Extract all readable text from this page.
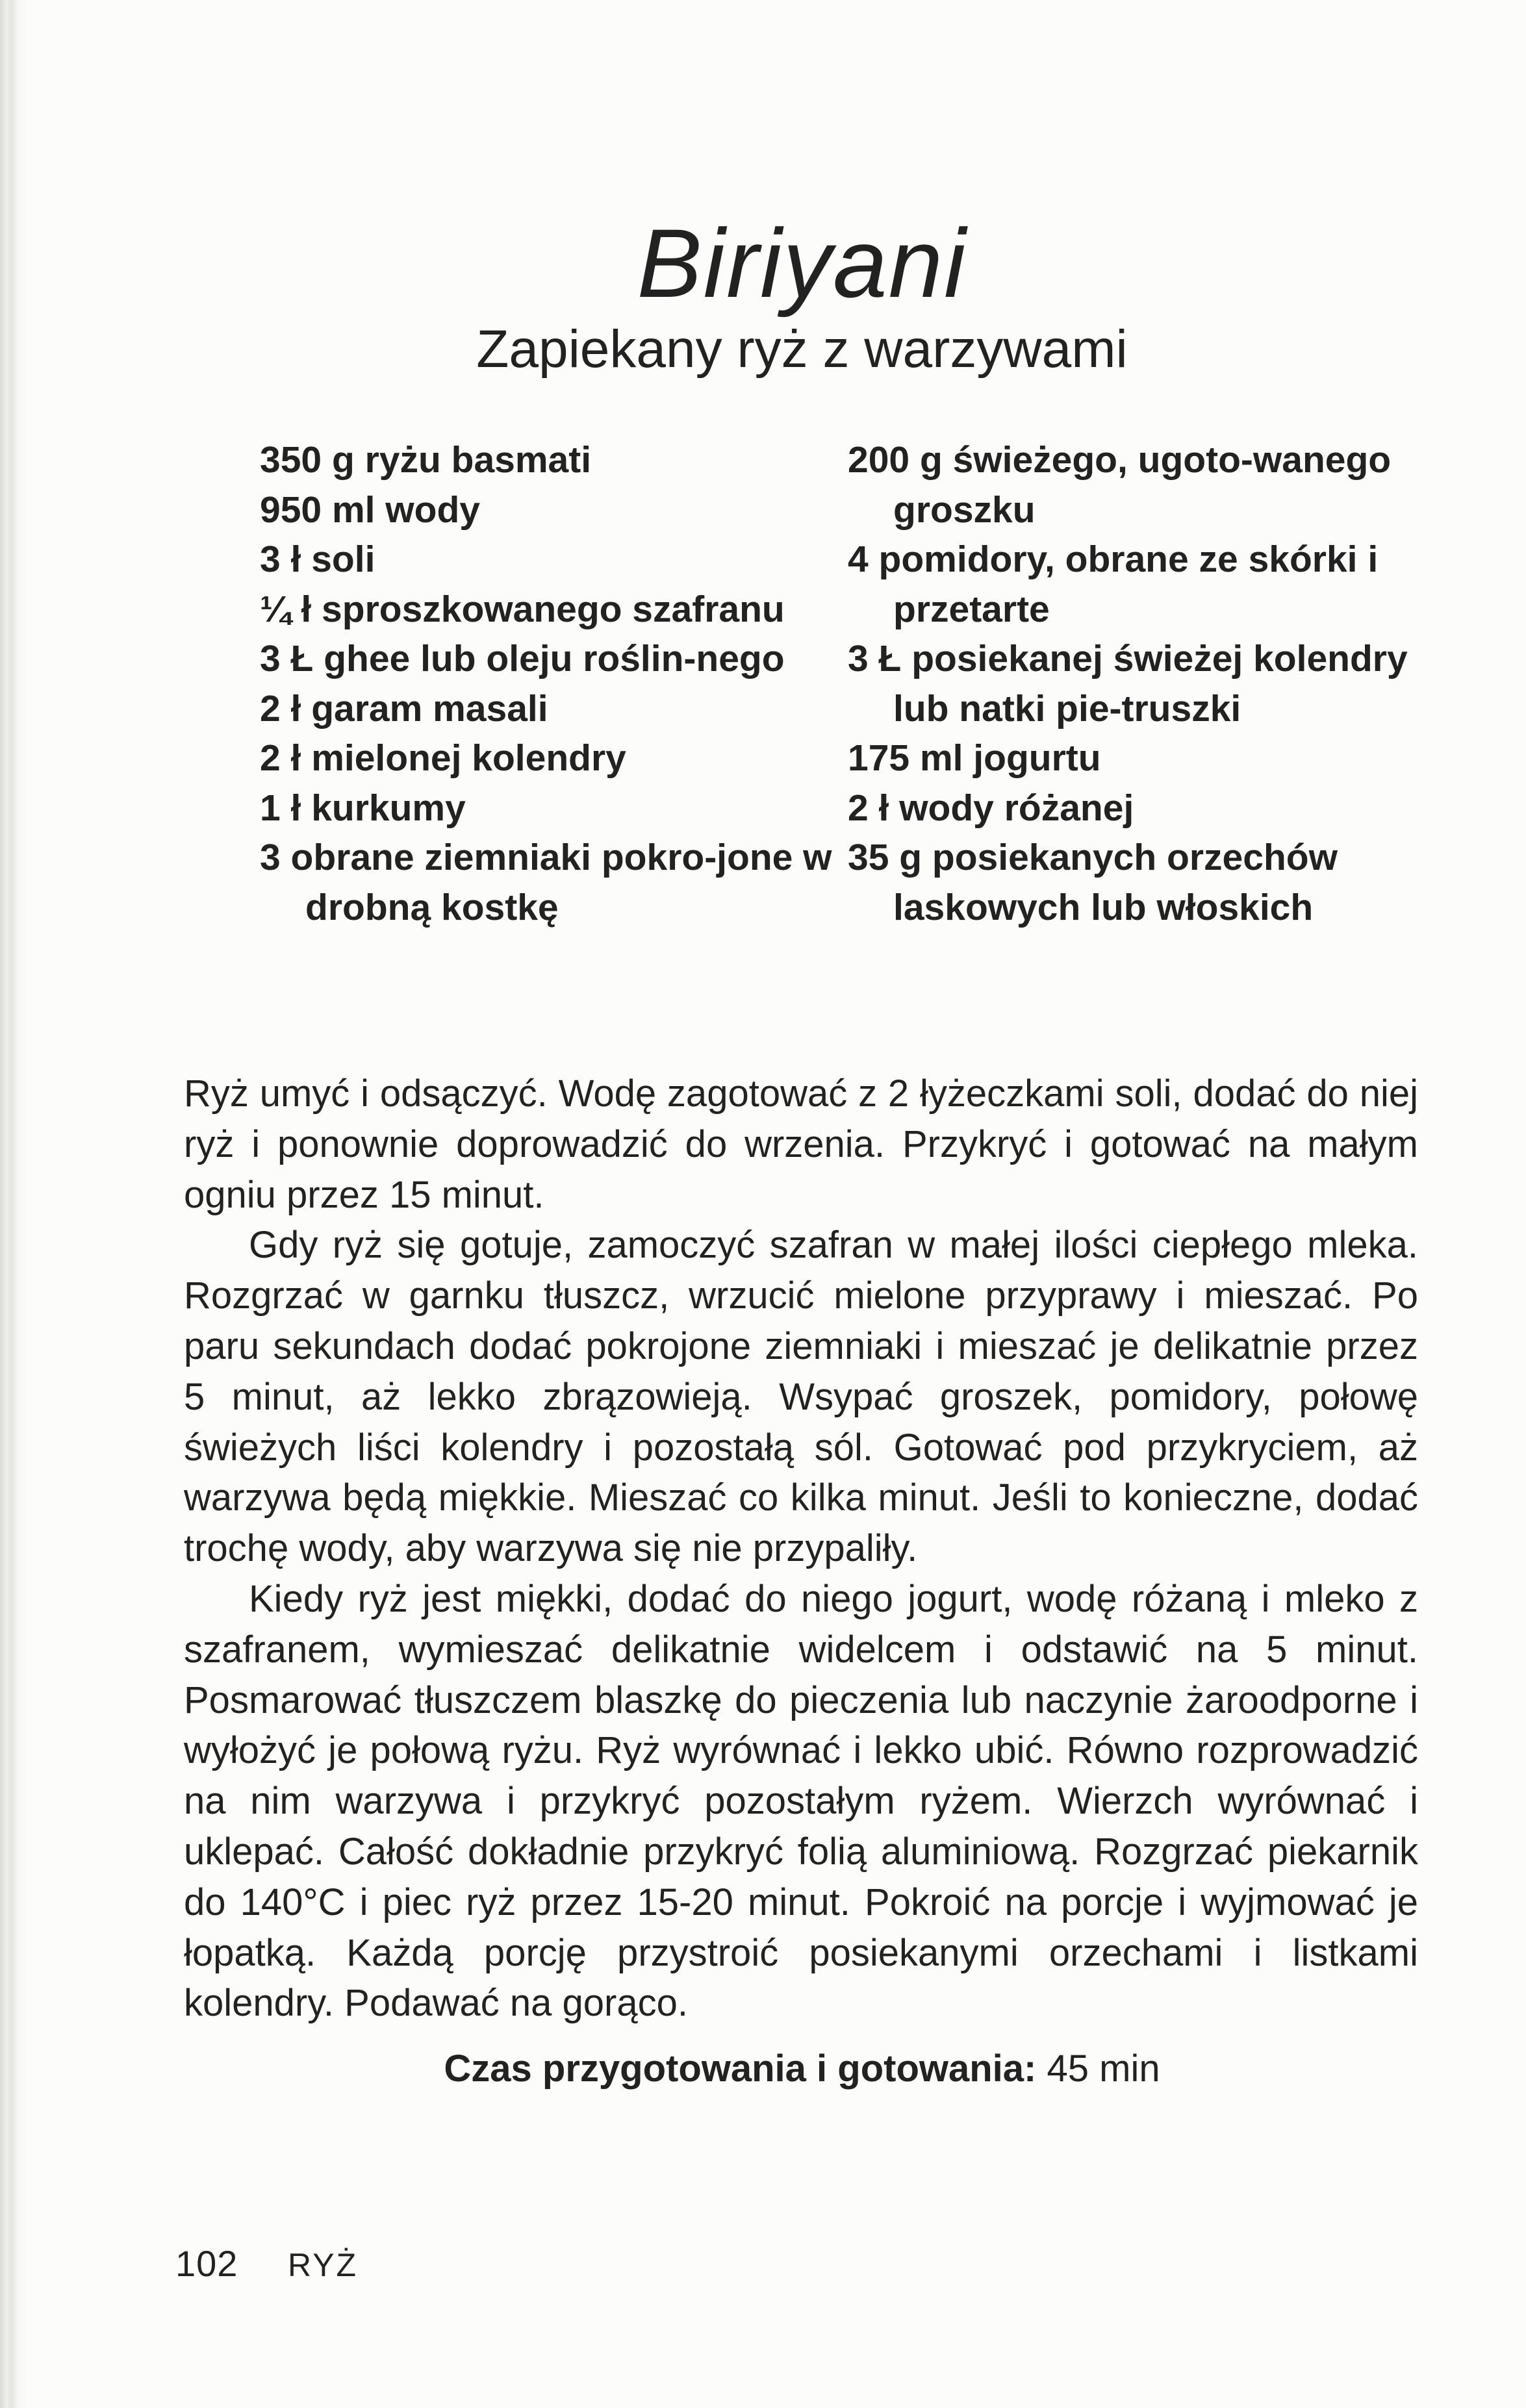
Biriyani
Zapiekany ryż z warzywami
350 g ryżu basmati
950 ml wody
3 ł soli
¼ ł sproszkowanego szafranu
3 Ł ghee lub oleju roślin-nego
2 ł garam masali
2 ł mielonej kolendry
1 ł kurkumy
3 obrane ziemniaki pokro-jone w drobną kostkę
200 g świeżego, ugoto-wanego groszku
4 pomidory, obrane ze skórki i przetarte
3 Ł posiekanej świeżej kolendry lub natki pie-truszki
175 ml jogurtu
2 ł wody różanej
35 g posiekanych orzechów laskowych lub włoskich

Ryż umyć i odsączyć. Wodę zagotować z 2 łyżeczkami soli, dodać do niej ryż i ponownie doprowadzić do wrzenia. Przykryć i gotować na małym ogniu przez 15 minut.

Gdy ryż się gotuje, zamoczyć szafran w małej ilości ciepłego mleka. Rozgrzać w garnku tłuszcz, wrzucić mielone przyprawy i mieszać. Po paru sekundach dodać pokrojone ziemniaki i mieszać je delikatnie przez 5 minut, aż lekko zbrązowieją. Wsypać groszek, pomidory, połowę świeżych liści kolendry i pozostałą sól. Gotować pod przykryciem, aż warzywa będą miękkie. Mieszać co kilka minut. Jeśli to konieczne, dodać trochę wody, aby warzywa się nie przypaliły.

Kiedy ryż jest miękki, dodać do niego jogurt, wodę różaną i mleko z szafranem, wymieszać delikatnie widelcem i odstawić na 5 minut. Posmarować tłuszczem blaszkę do pieczenia lub naczynie żaroodporne i wyłożyć je połową ryżu. Ryż wyrównać i lekko ubić. Równo rozprowadzić na nim warzywa i przykryć pozostałym ryżem. Wierzch wyrównać i uklepać. Całość dokładnie przykryć folią aluminiową. Rozgrzać piekarnik do 140°C i piec ryż przez 15-20 minut. Pokroić na porcje i wyjmować je łopatką. Każdą porcję przystroić posiekanymi orzechami i listkami kolendry. Podawać na gorąco.

Czas przygotowania i gotowania: 45 min
102 RYŻ
